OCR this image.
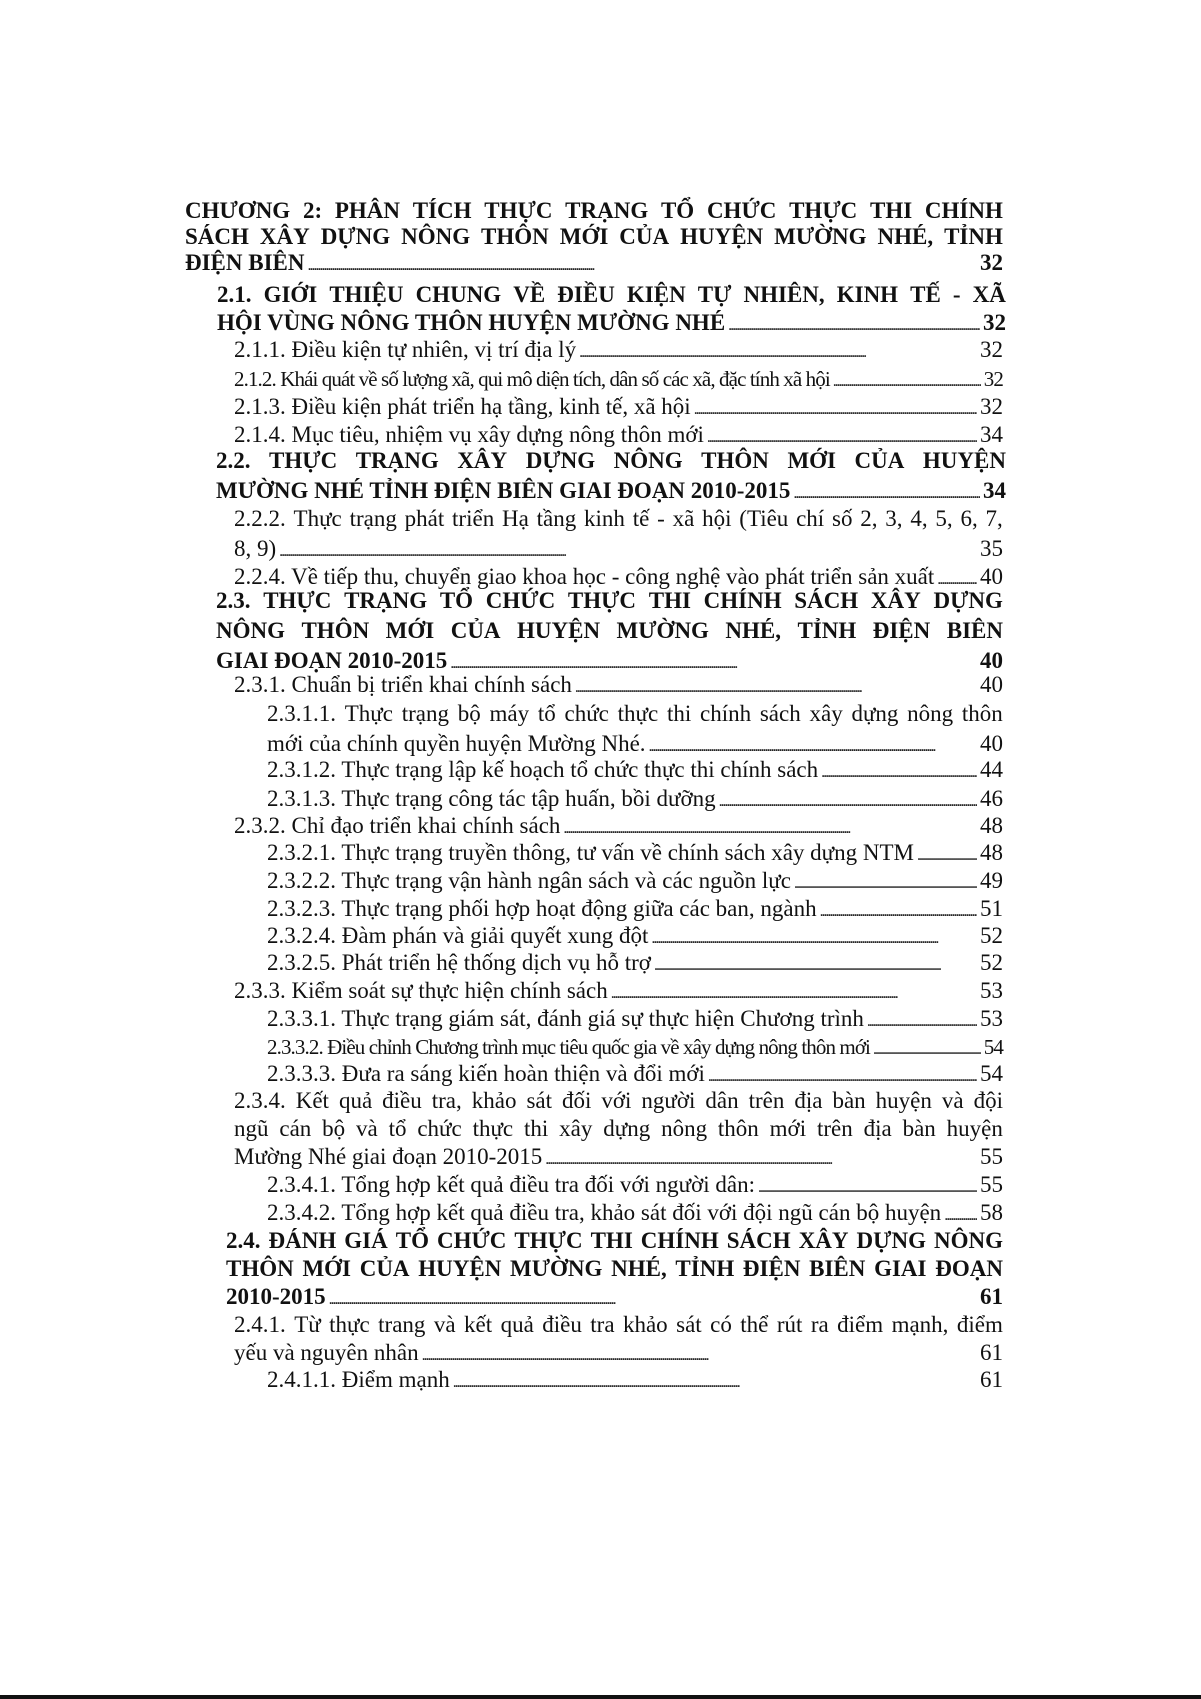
CHƯƠNG 2: PHÂN TÍCH THỰC TRẠNG TỔ CHỨC THỰC THI CHÍNH
SÁCH XÂY DỰNG NÔNG THÔN MỚI CỦA HUYỆN MƯỜNG NHÉ, TỈNH
ĐIỆN BIÊN . . .	32
2.1. GIỚI THIỆU CHUNG VỀ ĐIỀU KIỆN TỰ NHIÊN, KINH TẾ - XÃ
HỘI VÙNG NÔNG THÔN HUYỆN MƯỜNG NHÉ . . .	32
2.1.1. Điều kiện tự nhiên, vị trí địa lý . . .	32
2.1.2. Khái quát về số lượng xã, qui mô diện tích, dân số các xã, đặc tính xã hội . . .	32
2.1.3. Điều kiện phát triển hạ tầng, kinh tế, xã hội . . .	32
2.1.4. Mục tiêu, nhiệm vụ xây dựng nông thôn mới . . .	34
2.2. THỰC TRẠNG XÂY DỰNG NÔNG THÔN MỚI CỦA HUYỆN
MƯỜNG NHÉ TỈNH ĐIỆN BIÊN GIAI ĐOẠN 2010-2015 . . .	34
2.2.2. Thực trạng phát triển Hạ tầng kinh tế - xã hội (Tiêu chí số 2, 3, 4, 5, 6, 7,
8, 9) . . .	35
2.2.4. Về tiếp thu, chuyển giao khoa học - công nghệ vào phát triển sản xuất . . . 40
2.3. THỰC TRẠNG TỔ CHỨC THỰC THI CHÍNH SÁCH XÂY DỰNG
NÔNG THÔN MỚI CỦA HUYỆN MƯỜNG NHÉ, TỈNH ĐIỆN BIÊN
GIAI ĐOẠN 2010-2015 . . .	40
2.3.1. Chuẩn bị triển khai chính sách . . .	40
2.3.1.1. Thực trạng bộ máy tổ chức thực thi chính sách xây dựng nông thôn
mới của chính quyền huyện Mường Nhé. . . .	40
2.3.1.2. Thực trạng lập kế hoạch tổ chức thực thi chính sách . . .	44
2.3.1.3. Thực trạng công tác tập huấn, bồi dưỡng . . .	46
2.3.2. Chỉ đạo triển khai chính sách . . .	48
2.3.2.1. Thực trạng truyền thông, tư vấn về chính sách xây dựng NTM . . .	48
2.3.2.2. Thực trạng vận hành ngân sách và các nguồn lực . . .	49
2.3.2.3. Thực trạng phối hợp hoạt động giữa các ban, ngành . . .	51
2.3.2.4. Đàm phán và giải quyết xung đột . . .	52
2.3.2.5. Phát triển hệ thống dịch vụ hỗ trợ . . .	52
2.3.3. Kiểm soát sự thực hiện chính sách . . .	53
2.3.3.1. Thực trạng giám sát, đánh giá sự thực hiện Chương trình . . .	53
2.3.3.2. Điều chỉnh Chương trình mục tiêu quốc gia về xây dựng nông thôn mới . . .	54
2.3.3.3. Đưa ra sáng kiến hoàn thiện và đổi mới . . .	54
2.3.4. Kết quả điều tra, khảo sát đối với người dân trên địa bàn huyện và đội
ngũ cán bộ và tổ chức thực thi xây dựng nông thôn mới trên địa bàn huyện
Mường Nhé giai đoạn 2010-2015 . . .	55
2.3.4.1. Tổng hợp kết quả điều tra đối với người dân: . . .	55
2.3.4.2. Tổng hợp kết quả điều tra, khảo sát đối với đội ngũ cán bộ huyện . . . 58
2.4. ĐÁNH GIÁ TỔ CHỨC THỰC THI CHÍNH SÁCH XÂY DỰNG NÔNG
THÔN MỚI CỦA HUYỆN MƯỜNG NHÉ, TỈNH ĐIỆN BIÊN GIAI ĐOẠN
2010-2015 . . .	61
2.4.1. Từ thực trang và kết quả điều tra khảo sát có thể rút ra điểm mạnh, điểm
yếu và nguyên nhân . . .	61
2.4.1.1. Điểm mạnh . . .	61
